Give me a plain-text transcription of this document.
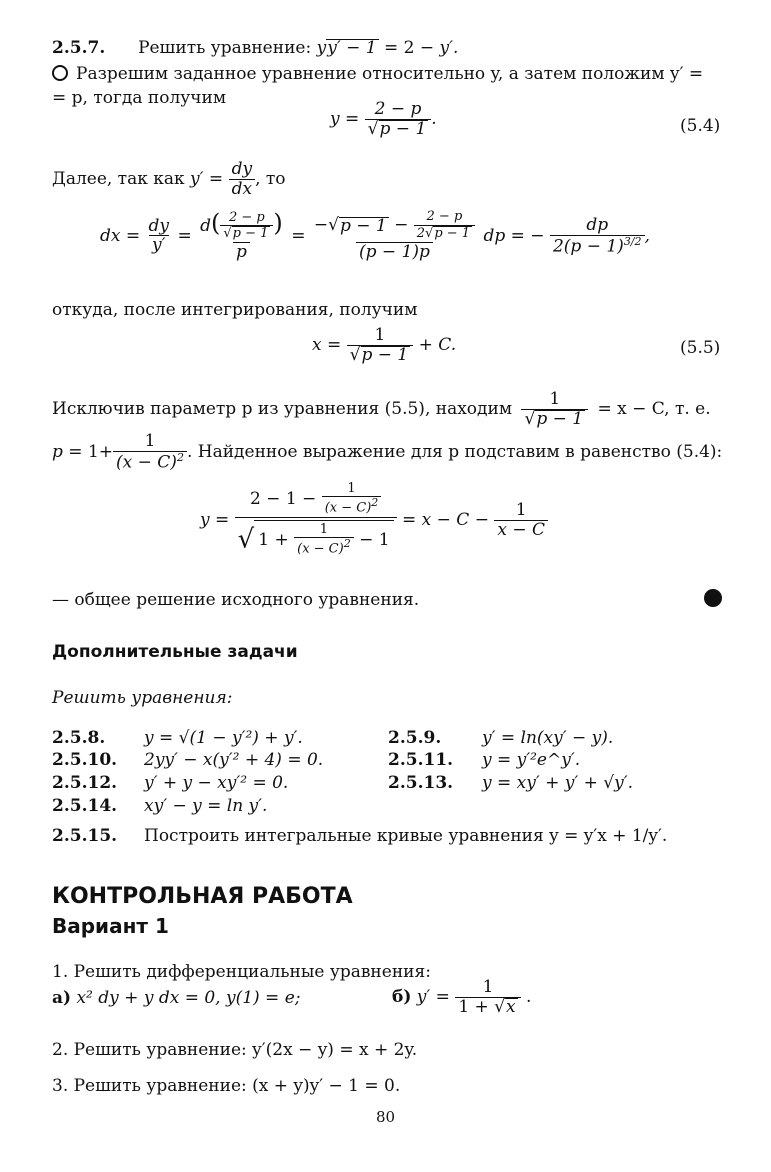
2.5.7. Решить уравнение: yy′ − 1 = 2 − y′.
Разрешим заданное уравнение относительно y, а затем положим y′ =
= p, тогда получим
$y = \frac{2 - p}{√p - 1}$ .	(5.4)
Далее, так как $y' = \frac{dy}{dx}$ , то
dx = $\frac{dy}{y'} = \frac{d( \frac{2 - p}{√p - 1} )}{p} = \frac{-√p - 1 - \frac{2 - p}{2√p - 1}}{(p - 1)p}$ dp = − $\frac{dp}{2(p - 1)^{3/2}}$ ,
откуда, после интегрирования, получим
$x = \frac{1}{√p - 1} + C$.	(5.5)
Исключив параметр p из уравнения (5.5), находим $\frac{1}{√p - 1} = x - C$, т. е.
$p = 1+ \frac{1}{(x - C)^2}$ . Найденное выражение для p подставим в равенство (5.4):
$y = \frac{2 - 1 - \frac{1}{(x - C)^2}}{√ 1 + \frac{1}{(x - C)^2} - 1} = x - C - \frac{1}{x - C}$
— общее решение исходного уравнения.
Дополнительные задачи
Решить уравнения:
2.5.8. y = √(1 − y′²) + y′.	2.5.9. y′ = ln(xy′ − y).
2.5.10. 2yy′ − x(y′² + 4) = 0.	2.5.11. y = y′²e^y′.
2.5.12. y′ + y − xy′² = 0.	2.5.13. y = xy′ + y′ + √y′.
2.5.14. xy′ − y = ln y′.
2.5.15. Построить интегральные кривые уравнения y = y′x + 1/y′.
КОНТРОЛЬНАЯ РАБОТА
Вариант 1
1. Решить дифференциальные уравнения:
а) x² dy + y dx = 0, y(1) = e;	б) $y' = \frac{1}{1 + √x}$ .
2. Решить уравнение: y′(2x − y) = x + 2y.
3. Решить уравнение: (x + y)y′ − 1 = 0.
80
